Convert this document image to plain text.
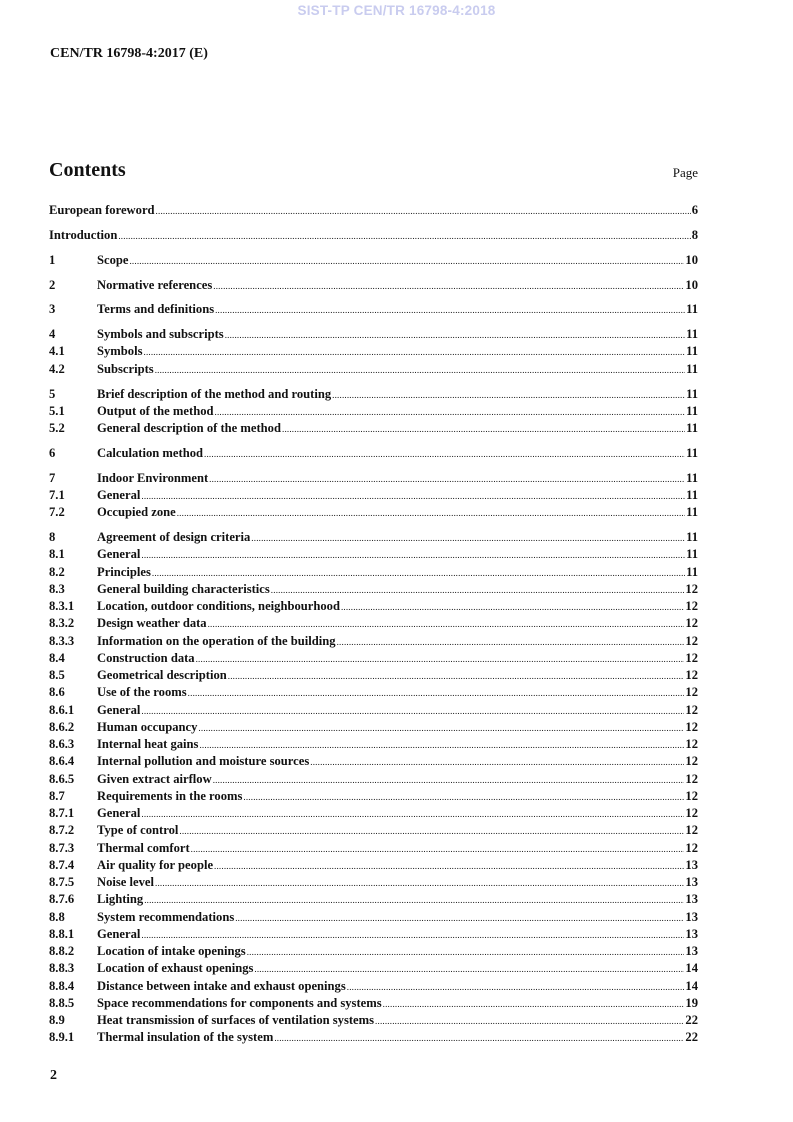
SIST-TP CEN/TR 16798-4:2018
CEN/TR 16798-4:2017 (E)
Contents	Page
European foreword .....	6
Introduction .....	8
1	Scope .....	10
2	Normative references .....	10
3	Terms and definitions .....	11
4	Symbols and subscripts .....	11
4.1	Symbols .....	11
4.2	Subscripts .....	11
5	Brief description of the method and routing .....	11
5.1	Output of the method .....	11
5.2	General description of the method .....	11
6	Calculation method .....	11
7	Indoor Environment .....	11
7.1	General .....	11
7.2	Occupied zone .....	11
8	Agreement of design criteria .....	11
8.1	General .....	11
8.2	Principles .....	11
8.3	General building characteristics .....	12
8.3.1	Location, outdoor conditions, neighbourhood .....	12
8.3.2	Design weather data .....	12
8.3.3	Information on the operation of the building .....	12
8.4	Construction data .....	12
8.5	Geometrical description .....	12
8.6	Use of the rooms .....	12
8.6.1	General .....	12
8.6.2	Human occupancy .....	12
8.6.3	Internal heat gains .....	12
8.6.4	Internal pollution and moisture sources .....	12
8.6.5	Given extract airflow .....	12
8.7	Requirements in the rooms .....	12
8.7.1	General .....	12
8.7.2	Type of control .....	12
8.7.3	Thermal comfort .....	12
8.7.4	Air quality for people .....	13
8.7.5	Noise level .....	13
8.7.6	Lighting .....	13
8.8	System recommendations .....	13
8.8.1	General .....	13
8.8.2	Location of intake openings .....	13
8.8.3	Location of exhaust openings .....	14
8.8.4	Distance between intake and exhaust openings .....	14
8.8.5	Space recommendations for components and systems .....	19
8.9	Heat transmission of surfaces of ventilation systems .....	22
8.9.1	Thermal insulation of the system .....	22
2
